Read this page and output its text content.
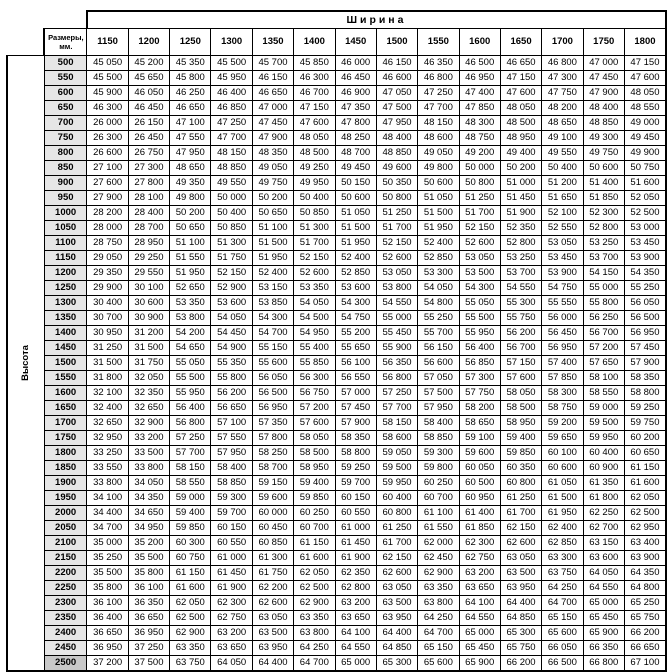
		Ширина													
	Размеры, мм.	1150	1200	1250	1300	1350	1400	1450	1500	1550	1600	1650	1700	1750	1800
Высота	500	45 050	45 200	45 350	45 500	45 700	45 850	46 000	46 150	46 350	46 500	46 650	46 800	47 000	47 150
	550	45 500	45 650	45 800	45 950	46 150	46 300	46 450	46 600	46 800	46 950	47 150	47 300	47 450	47 600
	600	45 900	46 050	46 250	46 400	46 650	46 700	46 900	47 050	47 250	47 400	47 600	47 750	47 900	48 050
	650	46 300	46 450	46 650	46 850	47 000	47 150	47 350	47 500	47 700	47 850	48 050	48 200	48 400	48 550
	700	26 000	26 150	47 100	47 250	47 450	47 600	47 800	47 950	48 150	48 300	48 500	48 650	48 850	49 000
	750	26 300	26 450	47 550	47 700	47 900	48 050	48 250	48 400	48 600	48 750	48 950	49 100	49 300	49 450
	800	26 600	26 750	47 950	48 150	48 350	48 500	48 700	48 850	49 050	49 200	49 400	49 550	49 750	49 900
	850	27 100	27 300	48 650	48 850	49 050	49 250	49 450	49 600	49 800	50 000	50 200	50 400	50 600	50 750
	900	27 600	27 800	49 350	49 550	49 750	49 950	50 150	50 350	50 600	50 800	51 000	51 200	51 400	51 600
	950	27 900	28 100	49 800	50 000	50 200	50 400	50 600	50 800	51 050	51 250	51 450	51 650	51 850	52 050
	1000	28 200	28 400	50 200	50 400	50 650	50 850	51 050	51 250	51 500	51 700	51 900	52 100	52 300	52 500
	1050	28 000	28 700	50 650	50 850	51 100	51 300	51 500	51 700	51 950	52 150	52 350	52 550	52 800	53 000
	1100	28 750	28 950	51 100	51 300	51 500	51 700	51 950	52 150	52 400	52 600	52 800	53 050	53 250	53 450
	1150	29 050	29 250	51 550	51 750	51 950	52 150	52 400	52 600	52 850	53 050	53 250	53 450	53 700	53 900
	1200	29 350	29 550	51 950	52 150	52 400	52 600	52 850	53 050	53 300	53 500	53 700	53 900	54 150	54 350
	1250	29 900	30 100	52 650	52 900	53 150	53 350	53 600	53 800	54 050	54 300	54 550	54 750	55 000	55 250
	1300	30 400	30 600	53 350	53 600	53 850	54 050	54 300	54 550	54 800	55 050	55 300	55 550	55 800	56 050
	1350	30 700	30 900	53 800	54 050	54 300	54 500	54 750	55 000	55 250	55 500	55 750	56 000	56 250	56 500
	1400	30 950	31 200	54 200	54 450	54 700	54 950	55 200	55 450	55 700	55 950	56 200	56 450	56 700	56 950
	1450	31 250	31 500	54 650	54 900	55 150	55 400	55 650	55 900	56 150	56 400	56 700	56 950	57 200	57 450
	1500	31 500	31 750	55 050	55 350	55 600	55 850	56 100	56 350	56 600	56 850	57 150	57 400	57 650	57 900
	1550	31 800	32 050	55 500	55 800	56 050	56 300	56 550	56 800	57 050	57 300	57 600	57 850	58 100	58 350
	1600	32 100	32 350	55 950	56 200	56 500	56 750	57 000	57 250	57 500	57 750	58 050	58 300	58 550	58 800
	1650	32 400	32 650	56 400	56 650	56 950	57 200	57 450	57 700	57 950	58 200	58 500	58 750	59 000	59 250
	1700	32 650	32 900	56 800	57 100	57 350	57 600	57 900	58 150	58 400	58 650	58 950	59 200	59 500	59 750
	1750	32 950	33 200	57 250	57 550	57 800	58 050	58 350	58 600	58 850	59 100	59 400	59 650	59 950	60 200
	1800	33 250	33 500	57 700	57 950	58 250	58 500	58 800	59 050	59 300	59 600	59 850	60 100	60 400	60 650
	1850	33 550	33 800	58 150	58 400	58 700	58 950	59 250	59 500	59 800	60 050	60 350	60 600	60 900	61 150
	1900	33 800	34 050	58 550	58 850	59 150	59 400	59 700	59 950	60 250	60 500	60 800	61 050	61 350	61 600
	1950	34 100	34 350	59 000	59 300	59 600	59 850	60 150	60 400	60 700	60 950	61 250	61 500	61 800	62 050
	2000	34 400	34 650	59 400	59 700	60 000	60 250	60 550	60 800	61 100	61 400	61 700	61 950	62 250	62 500
	2050	34 700	34 950	59 850	60 150	60 450	60 700	61 000	61 250	61 550	61 850	62 150	62 400	62 700	62 950
	2100	35 000	35 200	60 300	60 550	60 850	61 150	61 450	61 700	62 000	62 300	62 600	62 850	63 150	63 400
	2150	35 250	35 500	60 750	61 000	61 300	61 600	61 900	62 150	62 450	62 750	63 050	63 300	63 600	63 900
	2200	35 500	35 800	61 150	61 450	61 750	62 050	62 350	62 600	62 900	63 200	63 500	63 750	64 050	64 350
	2250	35 800	36 100	61 600	61 900	62 200	62 500	62 800	63 050	63 350	63 650	63 950	64 250	64 550	64 800
	2300	36 100	36 350	62 050	62 300	62 600	62 900	63 200	63 500	63 800	64 100	64 400	64 700	65 000	65 250
	2350	36 400	36 650	62 500	62 750	63 050	63 350	63 650	63 950	64 250	64 550	64 850	65 150	65 450	65 750
	2400	36 650	36 950	62 900	63 200	63 500	63 800	64 100	64 400	64 700	65 000	65 300	65 600	65 900	66 200
	2450	36 950	37 250	63 350	63 650	63 950	64 250	64 550	64 850	65 150	65 450	65 750	66 050	66 350	66 650
	2500	37 200	37 500	63 750	64 050	64 400	64 700	65 000	65 300	65 600	65 900	66 200	66 500	66 800	67 100
